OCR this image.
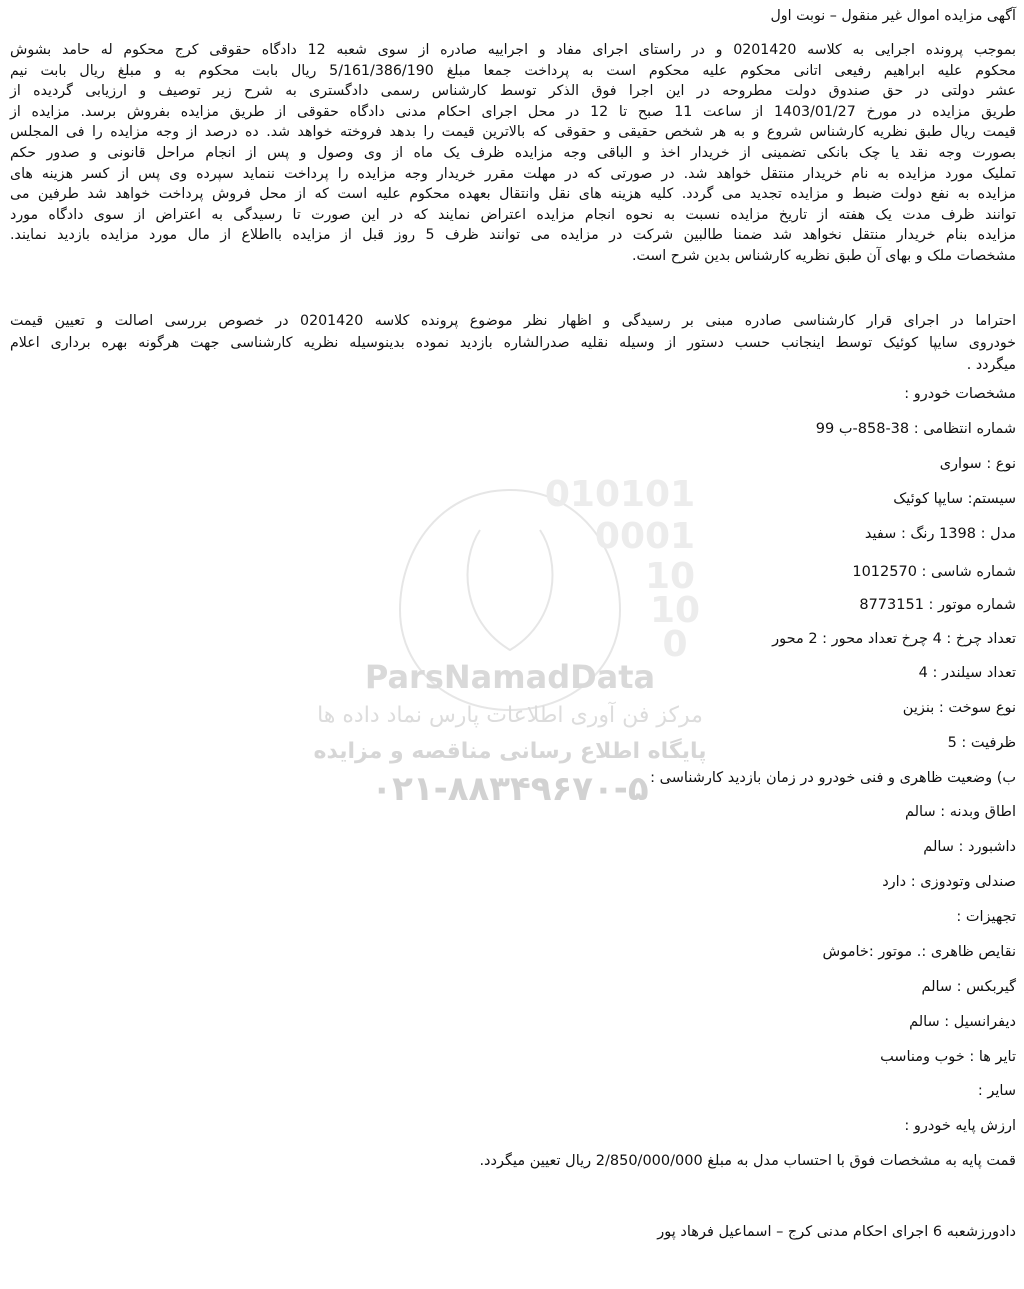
010101
0001
10
10
0
ParsNamadData
مرکز فن آوری اطلاعات پارس نماد داده ها
پایگاه اطلاع رسانی مناقصه و مزایده
۰۲۱-۸۸۳۴۹۶۷۰-۵
آگهی مزایده اموال غیر منقول – نوبت اول
بموجب پرونده اجرایی به کلاسه 0201420 و در راستای اجرای مفاد و اجراییه صادره از سوی شعبه 12 دادگاه حقوقی کرج محکوم له حامد بشوش
محکوم علیه ابراهیم رفیعی اتانی محکوم علیه محکوم است به پرداخت جمعا مبلغ 5/161/386/190 ریال بابت محکوم به و مبلغ ریال بابت نیم
عشر دولتی در حق صندوق دولت مطروحه در این اجرا فوق الذکر توسط کارشناس رسمی دادگستری به شرح زیر توصیف و ارزیابی گردیده از
طریق مزایده در مورخ 1403/01/27 از ساعت 11 صبح تا 12 در محل اجرای احکام مدنی دادگاه حقوقی از طریق مزایده بفروش برسد. مزایده از
قیمت ریال طبق نظریه کارشناس شروع و به هر شخص حقیقی و حقوقی که بالاترین قیمت را بدهد فروخته خواهد شد. ده درصد از وجه مزایده را فی المجلس
بصورت وجه نقد یا چک بانکی تضمینی از خریدار اخذ و الباقی وجه مزایده ظرف یک ماه از وی وصول و پس از انجام مراحل قانونی و صدور حکم
تملیک مورد مزایده به نام خریدار منتقل خواهد شد. در صورتی که در مهلت مقرر خریدار وجه مزایده را پرداخت ننماید سپرده وی پس از کسر هزینه های
مزایده به نفع دولت ضبط و مزایده تجدید می گردد. کلیه هزینه های نقل وانتقال بعهده محکوم علیه است که از محل فروش پرداخت خواهد شد طرفین می
توانند ظرف مدت یک هفته از تاریخ مزایده نسبت به نحوه انجام مزایده اعتراض نمایند که در این صورت تا رسیدگی به اعتراض از سوی دادگاه مورد
مزایده بنام خریدار منتقل نخواهد شد ضمنا طالبین شرکت در مزایده می توانند ظرف 5 روز قبل از مزایده بااطلاع از مال مورد مزایده بازدید نمایند.
مشخصات ملک و بهای آن طبق نظریه کارشناس بدین شرح است.
احتراما در اجرای قرار کارشناسی صادره مبنی بر رسیدگی و اظهار نظر موضوع پرونده کلاسه 0201420 در خصوص بررسی اصالت و تعیین قیمت
خودروی سایپا کوئیک توسط اینجانب حسب دستور از وسیله نقلیه صدرالشاره بازدید نموده بدینوسیله نظریه کارشناسی جهت هرگونه بهره برداری اعلام
میگردد .
مشخصات خودرو :
شماره انتظامی : 38-858-ب 99
نوع : سواری
سیستم: سایپا کوئیک
مدل : 1398 رنگ : سفید
شماره شاسی : 1012570
شماره موتور : 8773151
تعداد چرخ : 4 چرخ تعداد محور : 2 محور
تعداد سیلندر : 4
نوع سوخت : بنزین
ظرفیت : 5
ب) وضعیت ظاهری و فنی خودرو در زمان بازدید کارشناسی :
اطاق وبدنه : سالم
داشبورد : سالم
صندلی وتودوزی : دارد
تجهیزات :
نقایص ظاهری :. موتور :خاموش
گیربکس : سالم
دیفرانسیل : سالم
تایر ها : خوب ومناسب
سایر :
ارزش پایه خودرو :
قمت پایه به مشخصات فوق با احتساب مدل به مبلغ 2/850/000/000 ریال تعیین میگردد.
دادورزشعبه 6 اجرای احکام مدنی کرج – اسماعیل فرهاد پور
